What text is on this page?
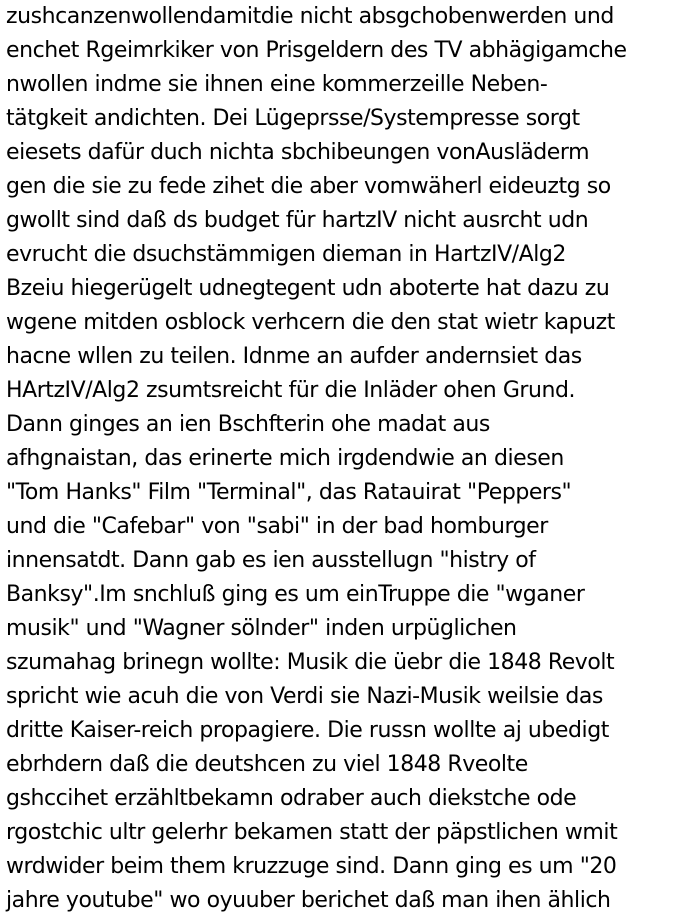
zushcanzenwollendamitdie nicht absgchobenwerden und
enchet Rgeimrkiker von Prisgeldern des TV abhägigamche
nwollen indme sie ihnen eine kommerzeille Neben-
tätgkeit andichten. Dei Lügeprsse/Systempresse sorgt
eiesets dafür duch nichta sbchibeungen vonAusläderm
gen die sie zu fede zihet die aber vomwäherl eideuztg so
gwollt sind daß ds budget für hartzIV nicht ausrcht udn
evrucht die dsuchstämmigen dieman in HartzIV/Alg2
Bzeiu hiegerügelt udnegtegent udn aboterte hat dazu zu
wgene mitden osblock verhcern die den stat wietr kapuzt
hacne wllen zu teilen. Idnme an aufder andernsiet das
HArtzIV/Alg2 zsumtsreicht für die Inläder ohen Grund.
Dann ginges an ien Bschfterin ohe madat aus
afhgnaistan, das erinerte mich irgdendwie an diesen
"Tom Hanks" Film "Terminal", das Ratauirat "Peppers"
und die "Cafebar" von "sabi" in der bad homburger
innensatdt. Dann gab es ien ausstellugn "histry of
Banksy".Im snchluß ging es um einTruppe die "wganer
musik" und "Wagner sölnder" inden urpüglichen
szumahag brinegn wollte: Musik die üebr die 1848 Revolt
spricht wie acuh die von Verdi sie Nazi-Musik weilsie das
dritte Kaiser-reich propagiere. Die russn wollte aj ubedigt
ebrhdern daß die deutshcen zu viel 1848 Rveolte
gshccihet erzähltbekamn odraber auch diekstche ode
rgostchic ultr gelerhr bekamen statt der päpstlichen wmit
wrdwider beim them kruzzuge sind. Dann ging es um "20
jahre youtube" wo oyuuber berichet daß man ihen ählich
